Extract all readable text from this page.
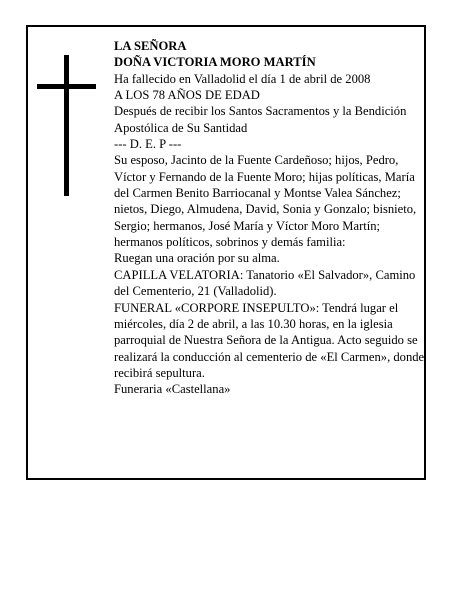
LA SEÑORA

DOÑA VICTORIA MORO MARTÍN

Ha fallecido en Valladolid el día 1 de abril de 2008

A LOS 78 AÑOS DE EDAD

Después de recibir los Santos Sacramentos y la Bendición Apostólica de Su Santidad

--- D. E. P ---

Su esposo, Jacinto de la Fuente Cardeñoso; hijos, Pedro, Víctor y Fernando de la Fuente Moro; hijas políticas, María del Carmen Benito Barriocanal y Montse Valea Sánchez; nietos, Diego, Almudena, David, Sonia y Gonzalo; bisnieto, Sergio; hermanos, José María y Víctor Moro Martín; hermanos políticos, sobrinos y demás familia:

Ruegan una oración por su alma.

CAPILLA VELATORIA: Tanatorio «El Salvador», Camino del Cementerio, 21 (Valladolid).

FUNERAL «CORPORE INSEPULTO»: Tendrá lugar el miércoles, día 2 de abril, a las 10.30 horas, en la iglesia parroquial de Nuestra Señora de la Antigua. Acto seguido se realizará la conducción al cementerio de «El Carmen», donde recibirá sepultura.

Funeraria «Castellana»
